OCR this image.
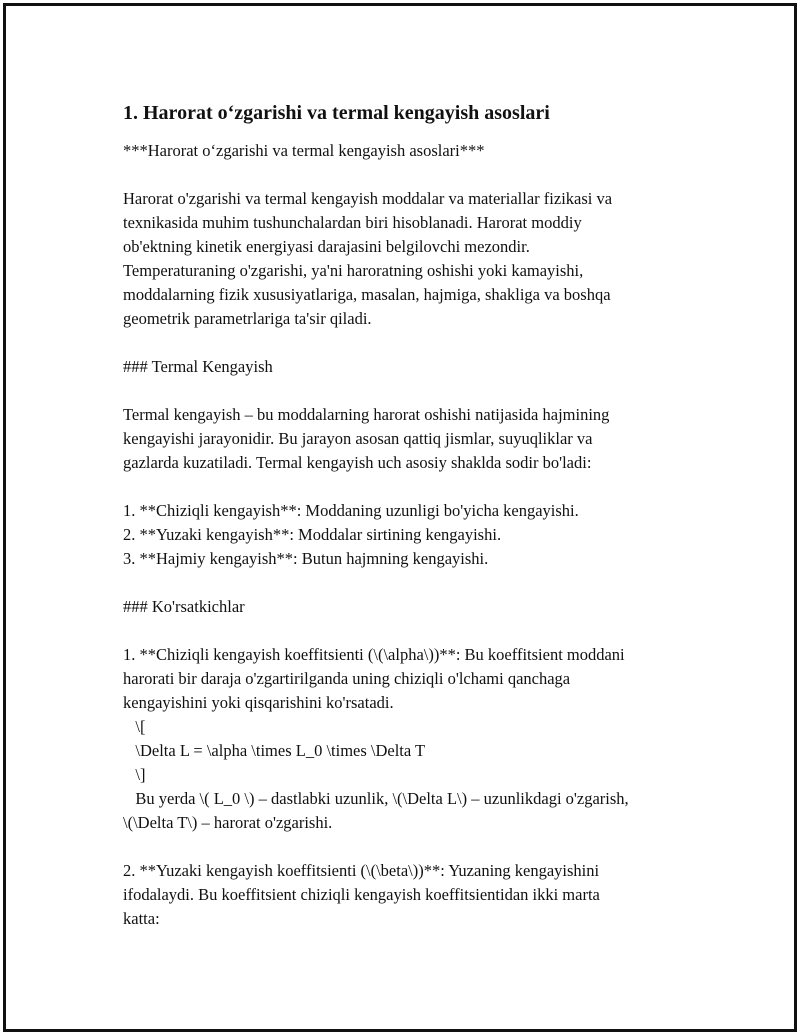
1. Harorat o‘zgarishi va termal kengayish asoslari

***Harorat o‘zgarishi va termal kengayish asoslari***

Harorat o'zgarishi va termal kengayish moddalar va materiallar fizikasi va

texnikasida muhim tushunchalardan biri hisoblanadi. Harorat moddiy

ob'ektning kinetik energiyasi darajasini belgilovchi mezondir.

Temperaturaning o'zgarishi, ya'ni haroratning oshishi yoki kamayishi,

moddalarning fizik xususiyatlariga, masalan, hajmiga, shakliga va boshqa

geometrik parametrlariga ta'sir qiladi.

### Termal Kengayish

Termal kengayish – bu moddalarning harorat oshishi natijasida hajmining

kengayishi jarayonidir. Bu jarayon asosan qattiq jismlar, suyuqliklar va

gazlarda kuzatiladi. Termal kengayish uch asosiy shaklda sodir bo'ladi:

1. **Chiziqli kengayish**: Moddaning uzunligi bo'yicha kengayishi.

2. **Yuzaki kengayish**: Moddalar sirtining kengayishi.

3. **Hajmiy kengayish**: Butun hajmning kengayishi.

### Ko'rsatkichlar

1. **Chiziqli kengayish koeffitsienti (\(\alpha\))**: Bu koeffitsient moddani

harorati bir daraja o'zgartirilganda uning chiziqli o'lchami qanchaga

kengayishini yoki qisqarishini ko'rsatadi.

\[

\Delta L = \alpha \times L_0 \times \Delta T

\]

Bu yerda \( L_0 \) – dastlabki uzunlik, \(\Delta L\) – uzunlikdagi o'zgarish,

\(\Delta T\) – harorat o'zgarishi.

2. **Yuzaki kengayish koeffitsienti (\(\beta\))**: Yuzaning kengayishini

ifodalaydi. Bu koeffitsient chiziqli kengayish koeffitsientidan ikki marta

katta:
